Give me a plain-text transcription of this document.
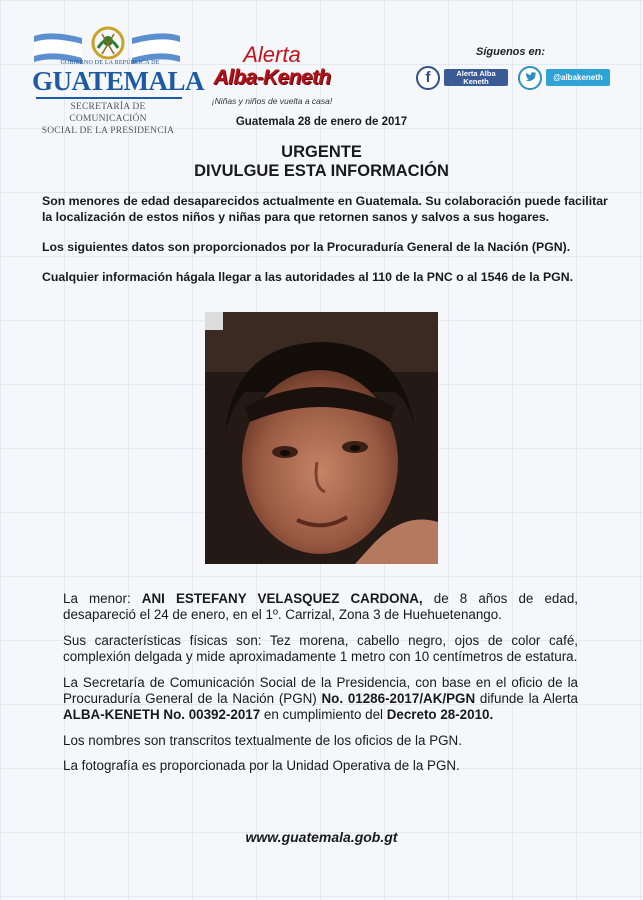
GOBIERNO DE LA REPÚBLICA DE
GUATEMALA
SECRETARÍA DE COMUNICACIÓN
SOCIAL DE LA PRESIDENCIA
Alerta
Alba-Keneth
¡Niñas y niños de vuelta a casa!
Síguenos en:
f	Alerta Alba Keneth	@albakeneth
Guatemala 28 de enero de 2017
URGENTE
DIVULGUE ESTA INFORMACIÓN

Son menores de edad desaparecidos actualmente en Guatemala. Su colaboración puede facilitar la localización de estos niños y niñas para que retornen sanos y salvos a sus hogares.

Los siguientes datos son proporcionados por la Procuraduría General de la Nación (PGN).

Cualquier información hágala llegar a las autoridades al 110 de la PNC o al 1546 de la PGN.

La menor: ANI ESTEFANY VELASQUEZ CARDONA, de 8 años de edad, desapareció el 24 de enero, en el 1º. Carrizal, Zona 3 de Huehuetenango.

Sus características físicas son: Tez morena, cabello negro, ojos de color café, complexión delgada y mide aproximadamente 1 metro con 10 centímetros de estatura.

La Secretaría de Comunicación Social de la Presidencia, con base en el oficio de la Procuraduría General de la Nación (PGN) No. 01286-2017/AK/PGN difunde la Alerta ALBA-KENETH No. 00392-2017 en cumplimiento del Decreto 28-2010.

Los nombres son transcritos textualmente de los oficios de la PGN.

La fotografía es proporcionada por la Unidad Operativa de la PGN.

www.guatemala.gob.gt
